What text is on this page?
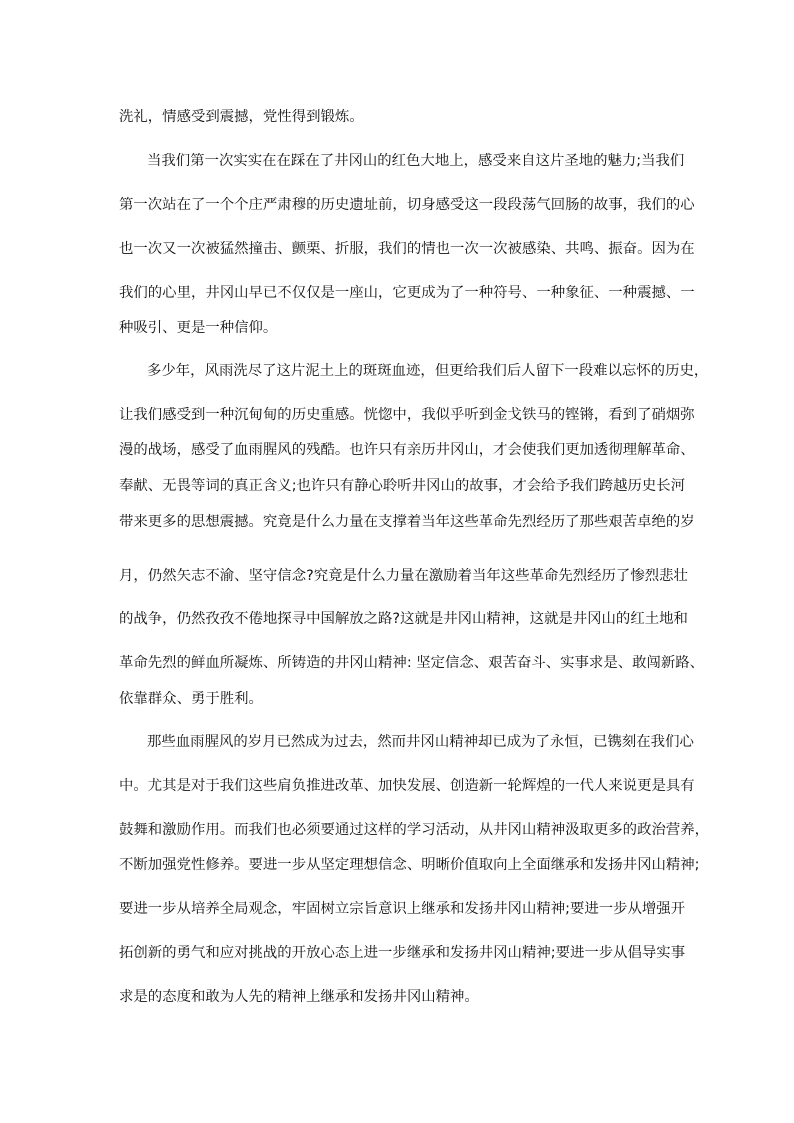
洗礼，情感受到震撼，党性得到锻炼。
当我们第一次实实在在踩在了井冈山的红色大地上，感受来自这片圣地的魅力;当我们
第一次站在了一个个庄严肃穆的历史遗址前，切身感受这一段段荡气回肠的故事，我们的心
也一次又一次被猛然撞击、颤栗、折服，我们的情也一次一次被感染、共鸣、振奋。因为在
我们的心里，井冈山早已不仅仅是一座山，它更成为了一种符号、一种象征、一种震撼、一
种吸引、更是一种信仰。
多少年，风雨洗尽了这片泥土上的斑斑血迹，但更给我们后人留下一段难以忘怀的历史，
让我们感受到一种沉甸甸的历史重感。恍惚中，我似乎听到金戈铁马的铿锵，看到了硝烟弥
漫的战场，感受了血雨腥风的残酷。也许只有亲历井冈山，才会使我们更加透彻理解革命、
奉献、无畏等词的真正含义;也许只有静心聆听井冈山的故事，才会给予我们跨越历史长河
带来更多的思想震撼。究竟是什么力量在支撑着当年这些革命先烈经历了那些艰苦卓绝的岁
月，仍然矢志不渝、坚守信念?究竟是什么力量在激励着当年这些革命先烈经历了惨烈悲壮
的战争，仍然孜孜不倦地探寻中国解放之路?这就是井冈山精神，这就是井冈山的红土地和
革命先烈的鲜血所凝炼、所铸造的井冈山精神: 坚定信念、艰苦奋斗、实事求是、敢闯新路、
依靠群众、勇于胜利。
那些血雨腥风的岁月已然成为过去，然而井冈山精神却已成为了永恒，已镌刻在我们心
中。尤其是对于我们这些肩负推进改革、加快发展、创造新一轮辉煌的一代人来说更是具有
鼓舞和激励作用。而我们也必须要通过这样的学习活动，从井冈山精神汲取更多的政治营养，
不断加强党性修养。要进一步从坚定理想信念、明晰价值取向上全面继承和发扬井冈山精神;
要进一步从培养全局观念，牢固树立宗旨意识上继承和发扬井冈山精神;要进一步从增强开
拓创新的勇气和应对挑战的开放心态上进一步继承和发扬井冈山精神;要进一步从倡导实事
求是的态度和敢为人先的精神上继承和发扬井冈山精神。
